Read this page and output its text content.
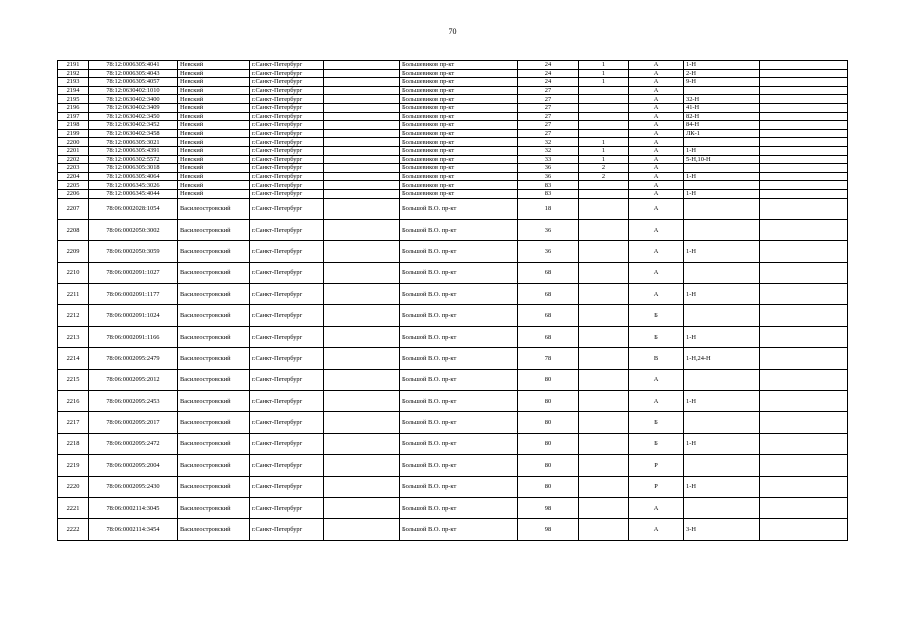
70
2191	78:12:0006305:4041	Невский	г.Санкт-Петербург		Большевиков пр-кт	24	1	А	1-Н	
2192	78:12:0006305:4043	Невский	г.Санкт-Петербург		Большевиков пр-кт	24	1	А	2-Н	
2193	78:12:0006305:4057	Невский	г.Санкт-Петербург		Большевиков пр-кт	24	1	А	9-Н	
2194	78:12:0630402:1010	Невский	г.Санкт-Петербург		Большевиков пр-кт	27		А		
2195	78:12:0630402:3400	Невский	г.Санкт-Петербург		Большевиков пр-кт	27		А	32-Н	
2196	78:12:0630402:3409	Невский	г.Санкт-Петербург		Большевиков пр-кт	27		А	41-Н	
2197	78:12:0630402:3450	Невский	г.Санкт-Петербург		Большевиков пр-кт	27		А	82-Н	
2198	78:12:0630402:3452	Невский	г.Санкт-Петербург		Большевиков пр-кт	27		А	84-Н	
2199	78:12:0630402:3458	Невский	г.Санкт-Петербург		Большевиков пр-кт	27		А	ЛК-1	
2200	78:12:0006305:3021	Невский	г.Санкт-Петербург		Большевиков пр-кт	32	1	А		
2201	78:12:0006305:4391	Невский	г.Санкт-Петербург		Большевиков пр-кт	32	1	А	1-Н	
2202	78:12:0006302:5572	Невский	г.Санкт-Петербург		Большевиков пр-кт	33	1	А	5-Н,10-Н	
2203	78:12:0006305:3018	Невский	г.Санкт-Петербург		Большевиков пр-кт	36	2	А		
2204	78:12:0006305:4064	Невский	г.Санкт-Петербург		Большевиков пр-кт	36	2	А	1-Н	
2205	78:12:0006345:3026	Невский	г.Санкт-Петербург		Большевиков пр-кт	83		А		
2206	78:12:0006345:4044	Невский	г.Санкт-Петербург		Большевиков пр-кт	83		А	1-Н	
2207	78:06:0002028:1054	Василеостровский	г.Санкт-Петербург		Большой В.О. пр-кт	18		А		
2208	78:06:0002050:3002	Василеостровский	г.Санкт-Петербург		Большой В.О. пр-кт	36		А		
2209	78:06:0002050:3059	Василеостровский	г.Санкт-Петербург		Большой В.О. пр-кт	36		А	1-Н	
2210	78:06:0002091:1027	Василеостровский	г.Санкт-Петербург		Большой В.О. пр-кт	68		А		
2211	78:06:0002091:1177	Василеостровский	г.Санкт-Петербург		Большой В.О. пр-кт	68		А	1-Н	
2212	78:06:0002091:1024	Василеостровский	г.Санкт-Петербург		Большой В.О. пр-кт	68		Б		
2213	78:06:0002091:1166	Василеостровский	г.Санкт-Петербург		Большой В.О. пр-кт	68		Б	1-Н	
2214	78:06:0002095:2479	Василеостровский	г.Санкт-Петербург		Большой В.О. пр-кт	78		В	1-Н,24-Н	
2215	78:06:0002095:2012	Василеостровский	г.Санкт-Петербург		Большой В.О. пр-кт	80		А		
2216	78:06:0002095:2453	Василеостровский	г.Санкт-Петербург		Большой В.О. пр-кт	80		А	1-Н	
2217	78:06:0002095:2017	Василеостровский	г.Санкт-Петербург		Большой В.О. пр-кт	80		Б		
2218	78:06:0002095:2472	Василеостровский	г.Санкт-Петербург		Большой В.О. пр-кт	80		Б	1-Н	
2219	78:06:0002095:2004	Василеостровский	г.Санкт-Петербург		Большой В.О. пр-кт	80		Р		
2220	78:06:0002095:2430	Василеостровский	г.Санкт-Петербург		Большой В.О. пр-кт	80		Р	1-Н	
2221	78:06:0002114:3045	Василеостровский	г.Санкт-Петербург		Большой В.О. пр-кт	98		А		
2222	78:06:0002114:3454	Василеостровский	г.Санкт-Петербург		Большой В.О. пр-кт	98		А	3-Н	
